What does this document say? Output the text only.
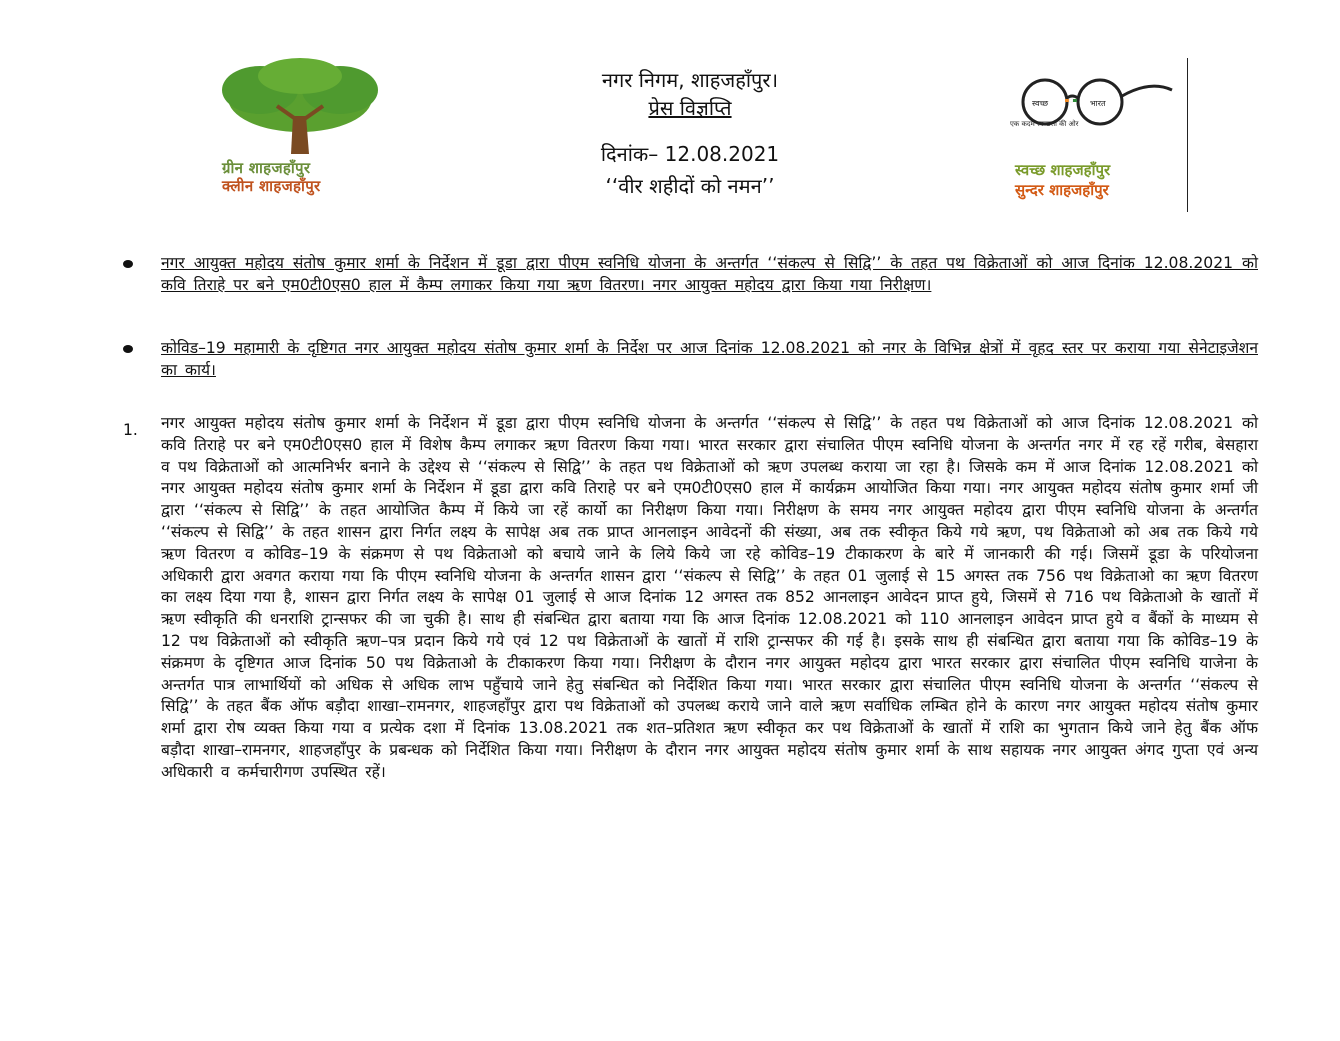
ग्रीन शाहजहाँपुर
क्लीन शाहजहाँपुर
नगर निगम, शाहजहाँपुर।
प्रेस विज्ञप्ति
दिनांक– 12.08.2021
‘‘वीर शहीदों को नमन’’
स्वच्छ	भारत
एक कदम स्वच्छता की ओर
स्वच्छ शाहजहाँपुर
सुन्दर शाहजहाँपुर
नगर आयुक्त महोदय संतोष कुमार शर्मा के निर्देशन में डूडा द्वारा पीएम स्वनिधि योजना के अन्तर्गत ‘‘संकल्प से सिद्वि’’ के तहत पथ विक्रेताओं को आज दिनांक 12.08.2021 को कवि तिराहे पर बने एम0टी0एस0 हाल में कैम्प लगाकर किया गया ऋण वितरण। नगर आयुक्त महोदय द्वारा किया गया निरीक्षण।
कोविड–19 महामारी के दृष्टिगत नगर आयुक्त महोदय संतोष कुमार शर्मा के निर्देश पर आज दिनांक 12.08.2021 को नगर के विभिन्न क्षेत्रों में वृहद स्तर पर कराया गया सेनेटाइजेशन का कार्य।
1. नगर आयुक्त महोदय संतोष कुमार शर्मा के निर्देशन में डूडा द्वारा पीएम स्वनिधि योजना के अन्तर्गत ‘‘संकल्प से सिद्वि’’ के तहत पथ विक्रेताओं को आज दिनांक 12.08.2021 को कवि तिराहे पर बने एम0टी0एस0 हाल में विशेष कैम्प लगाकर ऋण वितरण किया गया। भारत सरकार द्वारा संचालित पीएम स्वनिधि योजना के अन्तर्गत नगर में रह रहें गरीब, बेसहारा व पथ विक्रेताओं को आत्मनिर्भर बनाने के उद्देश्य से ‘‘संकल्प से सिद्वि’’ के तहत पथ विक्रेताओं को ऋण उपलब्ध कराया जा रहा है। जिसके कम में आज दिनांक 12.08.2021 को नगर आयुक्त महोदय संतोष कुमार शर्मा के निर्देशन में डूडा द्वारा कवि तिराहे पर बने एम0टी0एस0 हाल में कार्यक्रम आयोजित किया गया। नगर आयुक्त महोदय संतोष कुमार शर्मा जी द्वारा ‘‘संकल्प से सिद्वि’’ के तहत आयोजित कैम्प में किये जा रहें कार्यो का निरीक्षण किया गया। निरीक्षण के समय नगर आयुक्त महोदय द्वारा पीएम स्वनिधि योजना के अन्तर्गत ‘‘संकल्प से सिद्वि’’ के तहत शासन द्वारा निर्गत लक्ष्य के सापेक्ष अब तक प्राप्त आनलाइन आवेदनों की संख्या, अब तक स्वीकृत किये गये ऋण, पथ विक्रेताओ को अब तक किये गये ऋण वितरण व कोविड–19 के संक्रमण से पथ विक्रेताओ को बचाये जाने के लिये किये जा रहे कोविड–19 टीकाकरण के बारे में जानकारी की गई। जिसमें डूडा के परियोजना अधिकारी द्वारा अवगत कराया गया कि पीएम स्वनिधि योजना के अन्तर्गत शासन द्वारा ‘‘संकल्प से सिद्वि’’ के तहत 01 जुलाई से 15 अगस्त तक 756 पथ विक्रेताओ का ऋण वितरण का लक्ष्य दिया गया है, शासन द्वारा निर्गत लक्ष्य के सापेक्ष 01 जुलाई से आज दिनांक 12 अगस्त तक 852 आनलाइन आवेदन प्राप्त हुये, जिसमें से 716 पथ विक्रेताओ के खातों में ऋण स्वीकृति की धनराशि ट्रान्सफर की जा चुकी है। साथ ही संबन्धित द्वारा बताया गया कि आज दिनांक 12.08.2021 को 110 आनलाइन आवेदन प्राप्त हुये व बैंकों के माध्यम से 12 पथ विक्रेताओं को स्वीकृति ऋण–पत्र प्रदान किये गये एवं 12 पथ विक्रेताओं के खातों में राशि ट्रान्सफर की गई है। इसके साथ ही संबन्धित द्वारा बताया गया कि कोविड–19 के संक्रमण के दृष्टिगत आज दिनांक 50 पथ विक्रेताओ के टीकाकरण किया गया। निरीक्षण के दौरान नगर आयुक्त महोदय द्वारा भारत सरकार द्वारा संचालित पीएम स्वनिधि याजेना के अन्तर्गत पात्र लाभार्थियों को अधिक से अधिक लाभ पहुँचाये जाने हेतु संबन्धित को निर्देशित किया गया। भारत सरकार द्वारा संचालित पीएम स्वनिधि योजना के अन्तर्गत ‘‘संकल्प से सिद्वि’’ के तहत बैंक ऑफ बड़ौदा शाखा–रामनगर, शाहजहाँपुर द्वारा पथ विक्रेताओं को उपलब्ध कराये जाने वाले ऋण सर्वाधिक लम्बित होने के कारण नगर आयुक्त महोदय संतोष कुमार शर्मा द्वारा रोष व्यक्त किया गया व प्रत्येक दशा में दिनांक 13.08.2021 तक शत–प्रतिशत ऋण स्वीकृत कर पथ विक्रेताओं के खातों में राशि का भुगतान किये जाने हेतु बैंक ऑफ बड़ौदा शाखा–रामनगर, शाहजहाँपुर के प्रबन्धक को निर्देशित किया गया। निरीक्षण के दौरान नगर आयुक्त महोदय संतोष कुमार शर्मा के साथ सहायक नगर आयुक्त अंगद गुप्ता एवं अन्य अधिकारी व कर्मचारीगण उपस्थित रहें।
